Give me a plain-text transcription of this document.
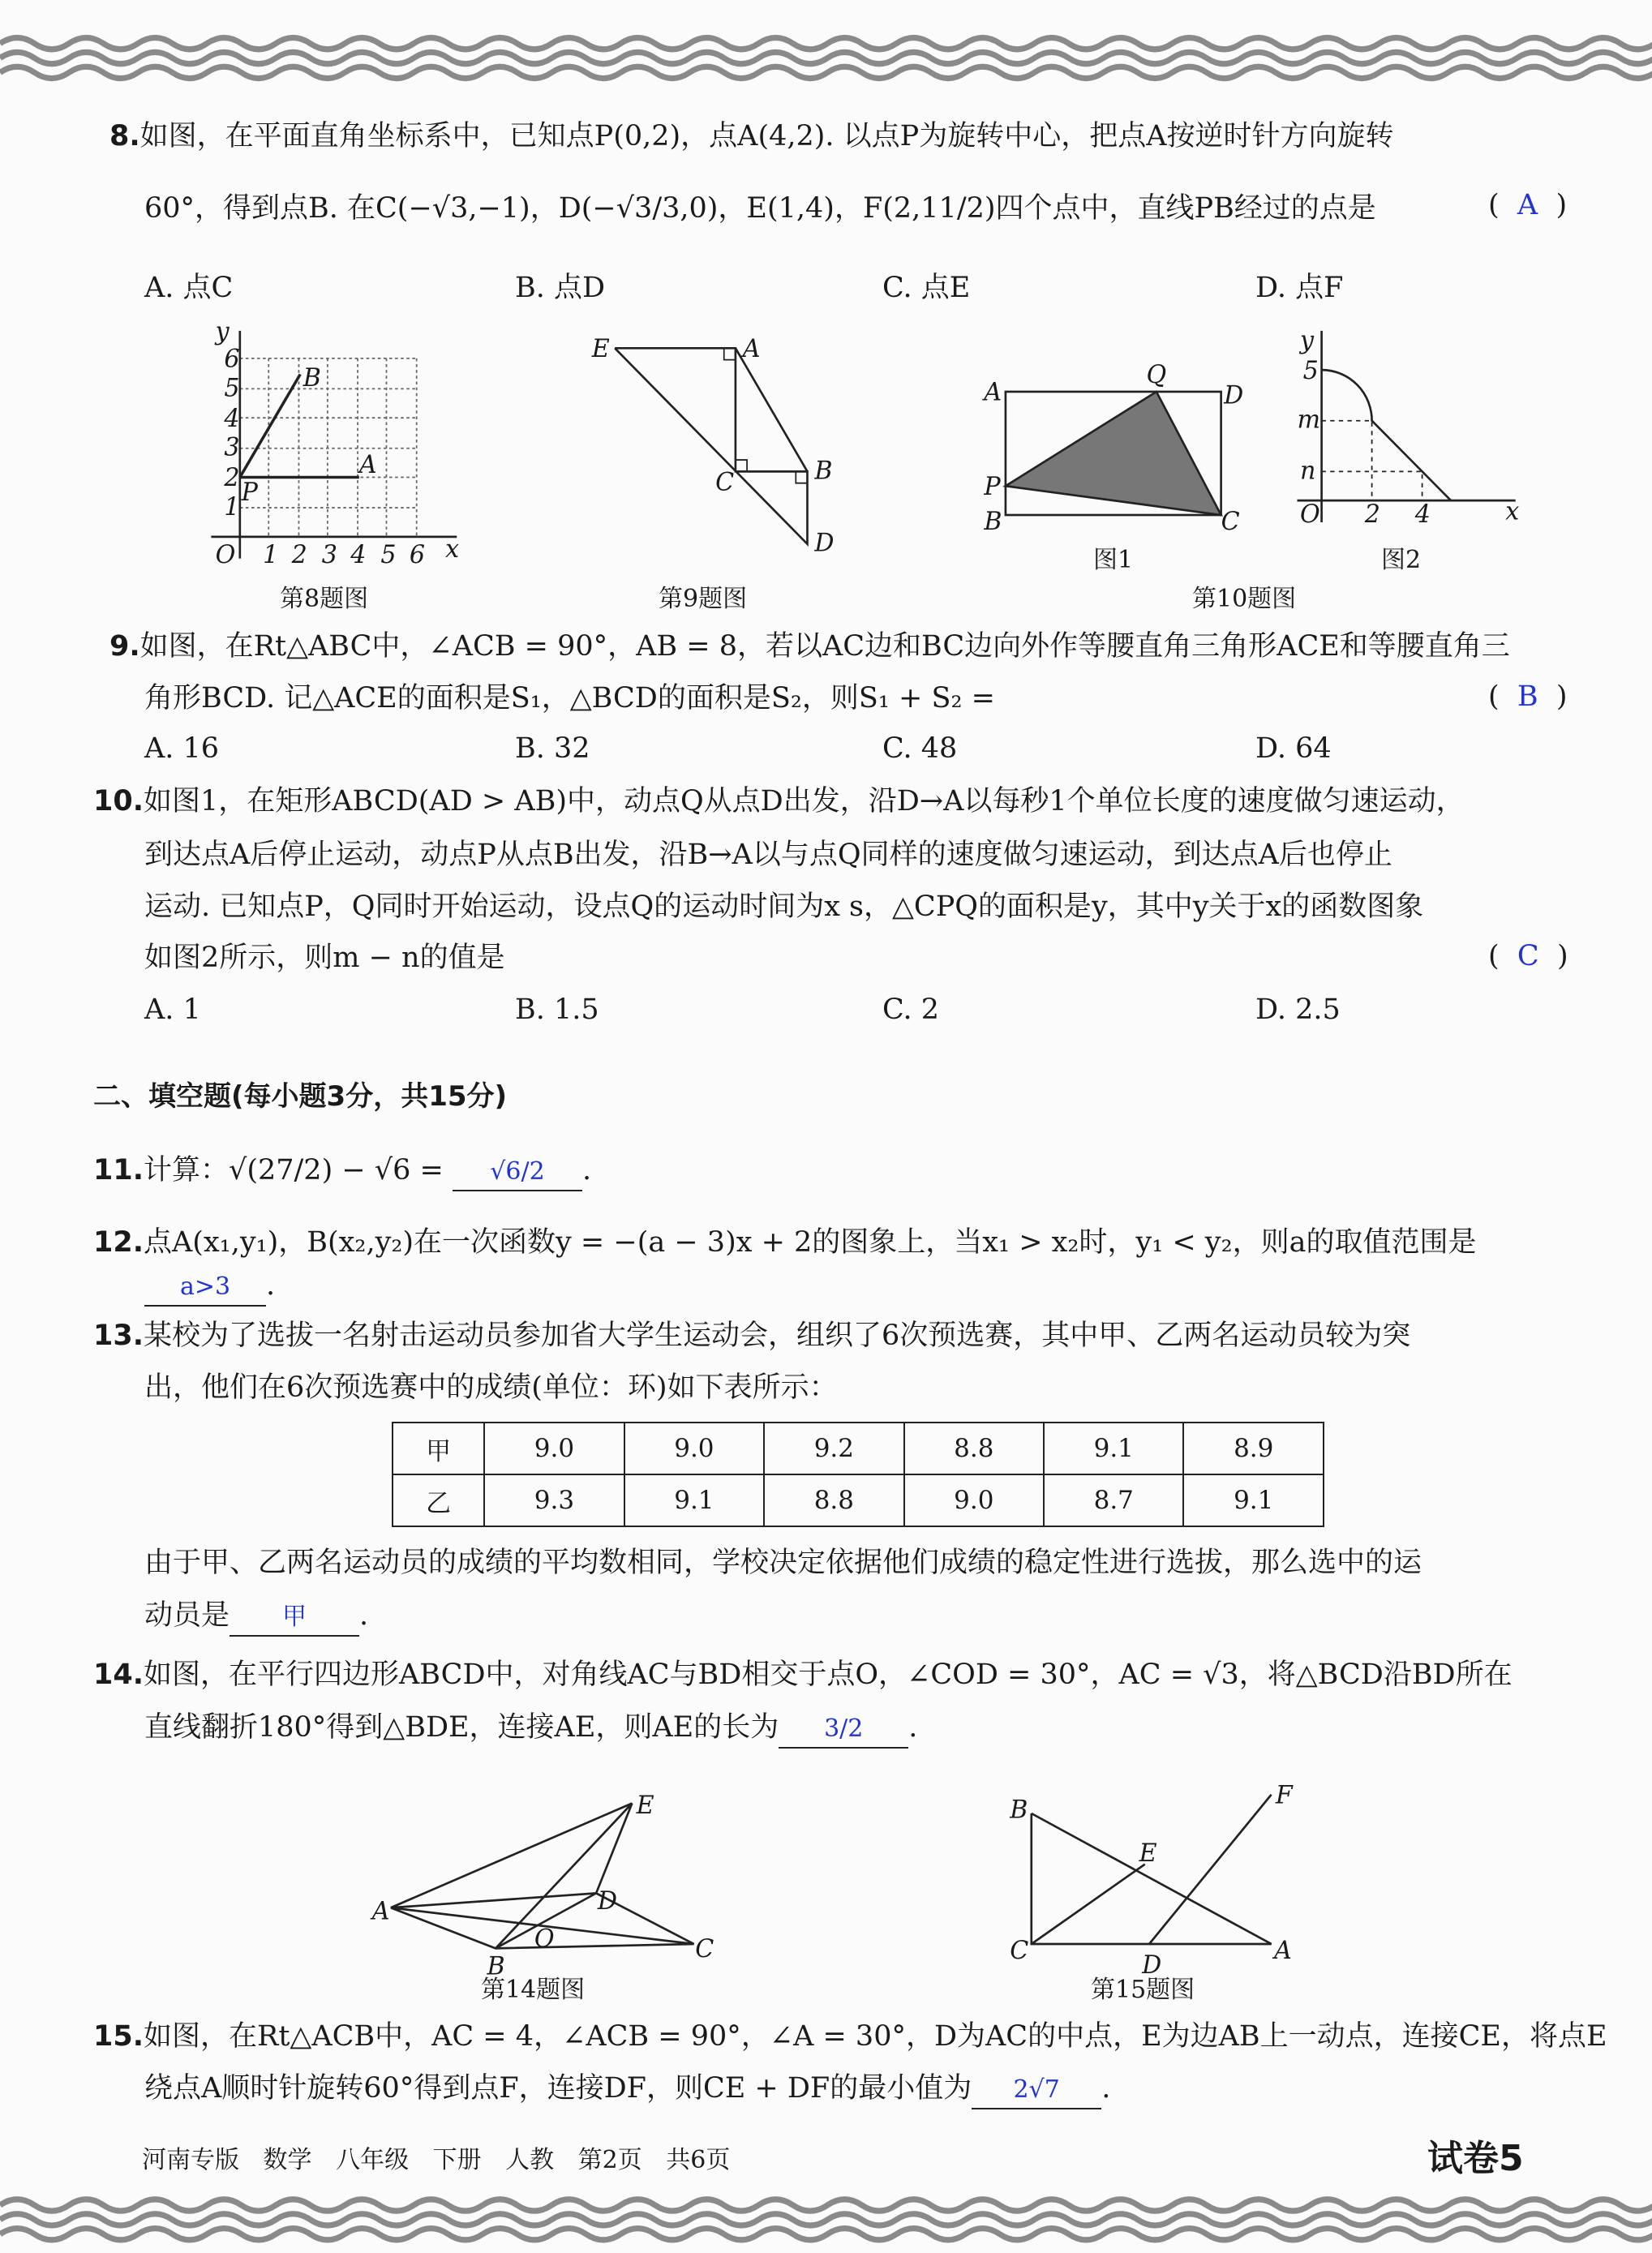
y
x
O
B
A
P
1
2
3
4
5
6
1 2 3 4 5 6
E	A
C	B
D
A
Q
D
P
B	C
y
5
m
n
O	2	4	x
E
A	D
O
B
C
B
F
E
C
D
A
8.如图，在平面直角坐标系中，已知点P(0,2)，点A(4,2). 以点P为旋转中心，把点A按逆时针方向旋转
60°，得到点B. 在C(−√3,−1)，D(−√3/3,0)，E(1,4)，F(2,11/2)四个点中，直线PB经过的点是	(  A  )
A. 点C	B. 点D	C. 点E	D. 点F
第8题图	第9题图	第10题图
图1	图2
9.如图，在Rt△ABC中，∠ACB = 90°，AB = 8，若以AC边和BC边向外作等腰直角三角形ACE和等腰直角三
角形BCD. 记△ACE的面积是S₁，△BCD的面积是S₂，则S₁ + S₂ =	(  B  )
A. 16	B. 32	C. 48	D. 64
10.如图1，在矩形ABCD(AD > AB)中，动点Q从点D出发，沿D→A以每秒1个单位长度的速度做匀速运动，
到达点A后停止运动，动点P从点B出发，沿B→A以与点Q同样的速度做匀速运动，到达点A后也停止
运动. 已知点P，Q同时开始运动，设点Q的运动时间为x s，△CPQ的面积是y，其中y关于x的函数图象
如图2所示，则m − n的值是	(  C  )
A. 1	B. 1.5	C. 2	D. 2.5
二、填空题(每小题3分，共15分)
11.计算：√(27/2) − √6 = √6/2 .
12.点A(x₁,y₁)，B(x₂,y₂)在一次函数y = −(a − 3)x + 2的图象上，当x₁ > x₂时，y₁ < y₂，则a的取值范围是
a>3 .
13.某校为了选拔一名射击运动员参加省大学生运动会，组织了6次预选赛，其中甲、乙两名运动员较为突
出，他们在6次预选赛中的成绩(单位：环)如下表所示：
甲	9.0	9.0	9.2	8.8	9.1	8.9
乙	9.3	9.1	8.8	9.0	8.7	9.1
由于甲、乙两名运动员的成绩的平均数相同，学校决定依据他们成绩的稳定性进行选拔，那么选中的运
动员是 甲 .
14.如图，在平行四边形ABCD中，对角线AC与BD相交于点O，∠COD = 30°，AC = √3，将△BCD沿BD所在
直线翻折180°得到△BDE，连接AE，则AE的长为 3/2 .
第14题图	第15题图
15.如图，在Rt△ACB中，AC = 4，∠ACB = 90°，∠A = 30°，D为AC的中点，E为边AB上一动点，连接CE，将点E
绕点A顺时针旋转60°得到点F，连接DF，则CE + DF的最小值为 2√7 .
河南专版 数学 八年级 下册 人教 第2页 共6页	试卷5
